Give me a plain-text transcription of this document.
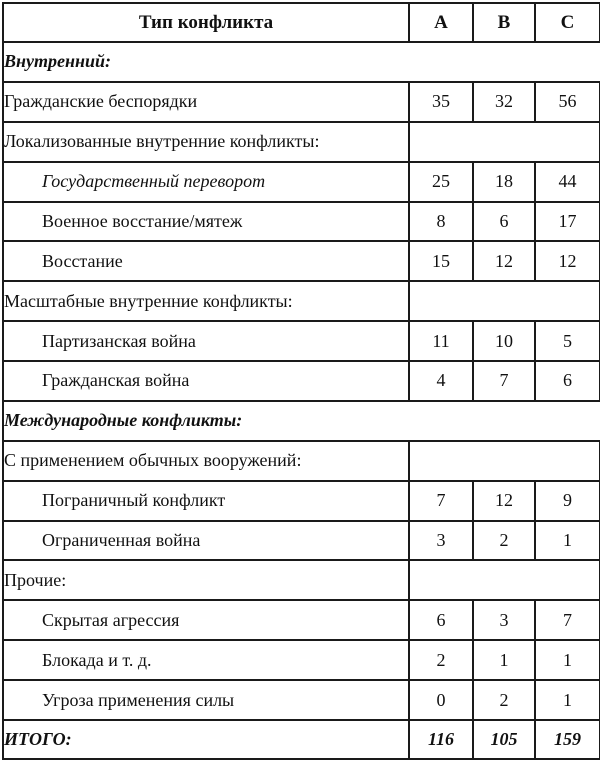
Тип конфликта	A	B	C
Внутренний:			
Гражданские беспорядки	35	32	56
Локализованные внутренние конфликты:			
Государственный переворот	25	18	44
Военное восстание/мятеж	8	6	17
Восстание	15	12	12
Масштабные внутренние конфликты:			
Партизанская война	11	10	5
Гражданская война	4	7	6
Международные конфликты:			
С применением обычных вооружений:			
Пограничный конфликт	7	12	9
Ограниченная война	3	2	1
Прочие:			
Скрытая агрессия	6	3	7
Блокада и т. д.	2	1	1
Угроза применения силы	0	2	1
ИТОГО:	116	105	159
